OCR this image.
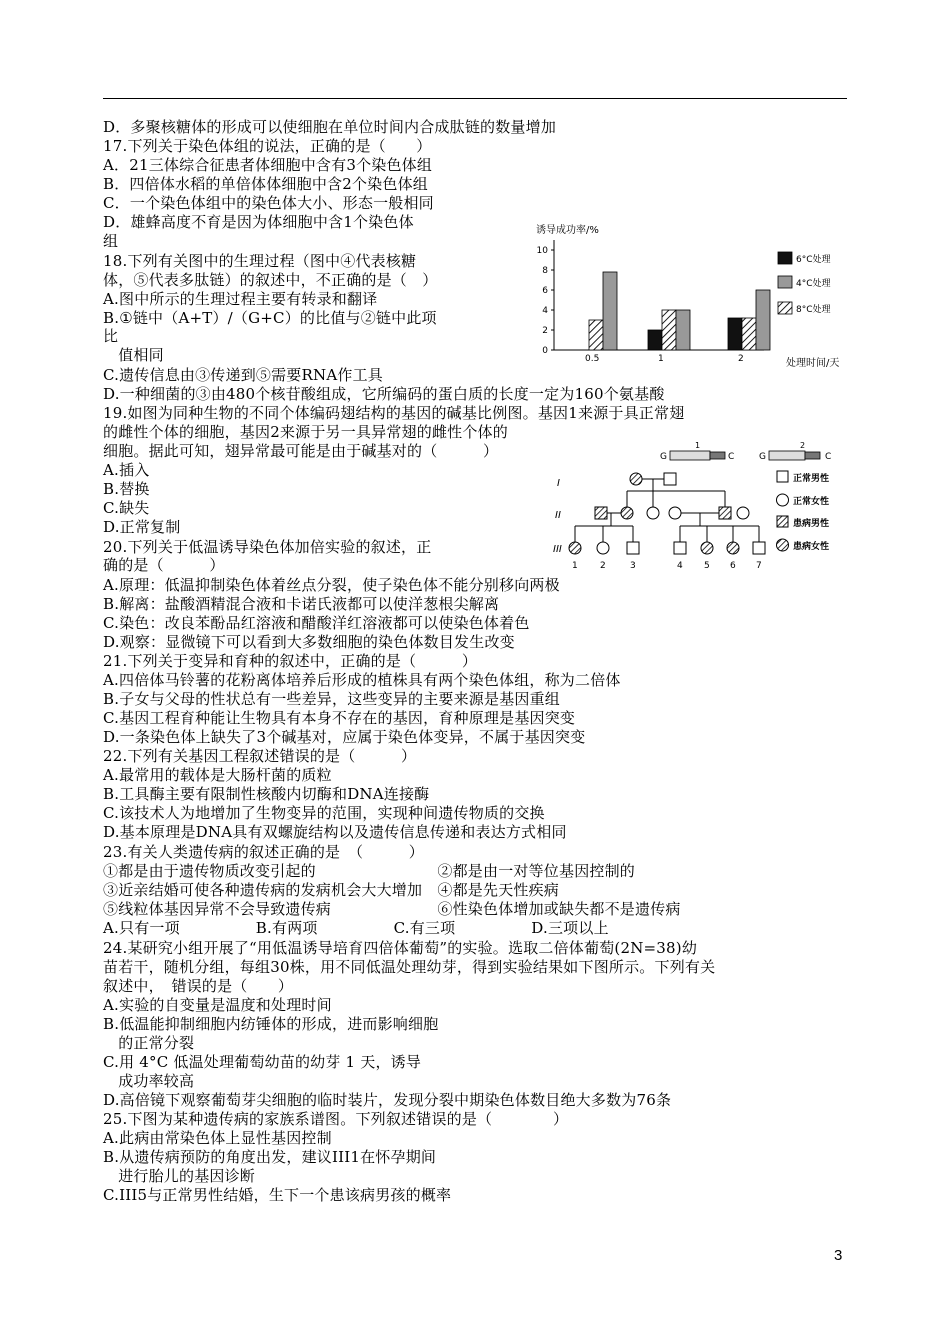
D．多聚核糖体的形成可以使细胞在单位时间内合成肽链的数量增加
17.下列关于染色体组的说法，正确的是（　　）
A．21三体综合征患者体细胞中含有3个染色体组
B．四倍体水稻的单倍体体细胞中含2个染色体组
C．一个染色体组中的染色体大小、形态一般相同
D．雄蜂高度不育是因为体细胞中含1个染色体
组
18.下列有关图中的生理过程（图中④代表核糖
体，⑤代表多肽链）的叙述中，不正确的是（　）
A.图中所示的生理过程主要有转录和翻译
B.①链中（A+T）/（G+C）的比值与②链中此项
比
　值相同
C.遗传信息由③传递到⑤需要RNA作工具
D.一种细菌的③由480个核苷酸组成，它所编码的蛋白质的长度一定为160个氨基酸
19.如图为同种生物的不同个体编码翅结构的基因的碱基比例图。基因1来源于具正常翅
的雌性个体的细胞，基因2来源于另一具异常翅的雌性个体的
细胞。据此可知，翅异常最可能是由于碱基对的（　　　）
A.插入
B.替换
C.缺失
D.正常复制
20.下列关于低温诱导染色体加倍实验的叙述，正
确的是（　　　）
A.原理：低温抑制染色体着丝点分裂，使子染色体不能分别移向两极
B.解离：盐酸酒精混合液和卡诺氏液都可以使洋葱根尖解离
C.染色：改良苯酚品红溶液和醋酸洋红溶液都可以使染色体着色
D.观察：显微镜下可以看到大多数细胞的染色体数目发生改变
21.下列关于变异和育种的叙述中，正确的是（　　　）
A.四倍体马铃薯的花粉离体培养后形成的植株具有两个染色体组，称为二倍体
B.子女与父母的性状总有一些差异，这些变异的主要来源是基因重组
C.基因工程育种能让生物具有本身不存在的基因，育种原理是基因突变
D.一条染色体上缺失了3个碱基对，应属于染色体变异，不属于基因突变
22.下列有关基因工程叙述错误的是（　　　）
A.最常用的载体是大肠杆菌的质粒
B.工具酶主要有限制性核酸内切酶和DNA连接酶
C.该技术人为地增加了生物变异的范围，实现种间遗传物质的交换
D.基本原理是DNA具有双螺旋结构以及遗传信息传递和表达方式相同
23.有关人类遗传病的叙述正确的是　（　　　）
①都是由于遗传物质改变引起的　　　　　　　　②都是由一对等位基因控制的
③近亲结婚可使各种遗传病的发病机会大大增加　④都是先天性疾病
⑤线粒体基因异常不会导致遗传病　　　　　　　⑥性染色体增加或缺失都不是遗传病
A.只有一项　　　　　B.有两项　　　　　C.有三项　　　　　D.三项以上
24.某研究小组开展了“用低温诱导培育四倍体葡萄”的实验。选取二倍体葡萄(2N=38)幼
苗若干，随机分组，每组30株，用不同低温处理幼芽，得到实验结果如下图所示。下列有关
叙述中，　错误的是（　　）
A.实验的自变量是温度和处理时间
B.低温能抑制细胞内纺锤体的形成，进而影响细胞
　的正常分裂
C.用 4°C 低温处理葡萄幼苗的幼芽 1 天，诱导
　成功率较高
D.高倍镜下观察葡萄芽尖细胞的临时装片，发现分裂中期染色体数目绝大多数为76条
25.下图为某种遗传病的家族系谱图。下列叙述错误的是（　　　　）
A.此病由常染色体上显性基因控制
B.从遗传病预防的角度出发，建议III1在怀孕期间
　进行胎儿的基因诊断
C.III5与正常男性结婚，生下一个患该病男孩的概率
诱导成功率/%
0
2
4
6
8
10
0.5	1	2	处理时间/天
6°C处理
4°C处理
8°C处理
1
G	C
2
G	C
I
II
III
1 2	3	4 5 6 7
正常男性
正常女性
患病男性
患病女性
3
